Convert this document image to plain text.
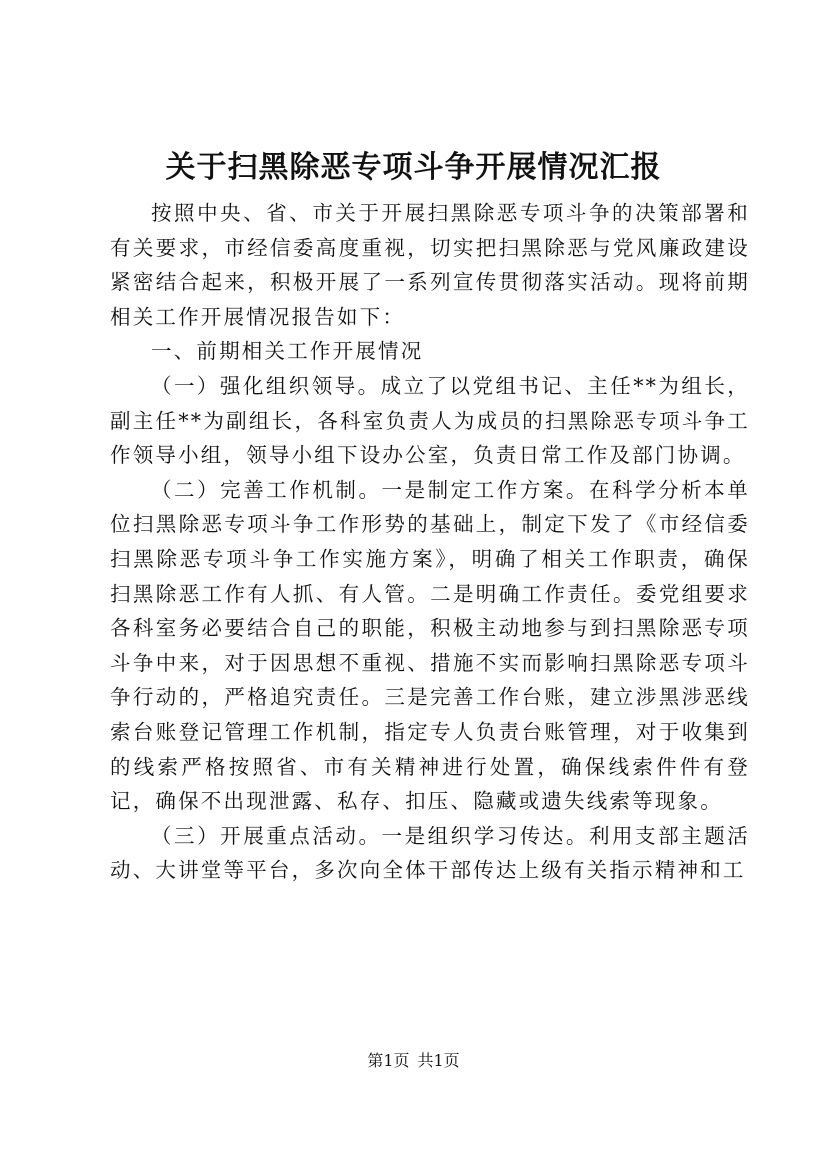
关于扫黑除恶专项斗争开展情况汇报

按照中央、省、市关于开展扫黑除恶专项斗争的决策部署和有关要求，市经信委高度重视，切实把扫黑除恶与党风廉政建设紧密结合起来，积极开展了一系列宣传贯彻落实活动。现将前期相关工作开展情况报告如下：

一、前期相关工作开展情况

（一）强化组织领导。成立了以党组书记、主任**为组长，副主任**为副组长，各科室负责人为成员的扫黑除恶专项斗争工作领导小组，领导小组下设办公室，负责日常工作及部门协调。

（二）完善工作机制。一是制定工作方案。在科学分析本单位扫黑除恶专项斗争工作形势的基础上，制定下发了《市经信委扫黑除恶专项斗争工作实施方案》，明确了相关工作职责，确保扫黑除恶工作有人抓、有人管。二是明确工作责任。委党组要求各科室务必要结合自己的职能，积极主动地参与到扫黑除恶专项斗争中来，对于因思想不重视、措施不实而影响扫黑除恶专项斗争行动的，严格追究责任。三是完善工作台账，建立涉黑涉恶线索台账登记管理工作机制，指定专人负责台账管理，对于收集到的线索严格按照省、市有关精神进行处置，确保线索件件有登记，确保不出现泄露、私存、扣压、隐藏或遗失线索等现象。

（三）开展重点活动。一是组织学习传达。利用支部主题活动、大讲堂等平台，多次向全体干部传达上级有关指示精神和工

第1页 共1页
